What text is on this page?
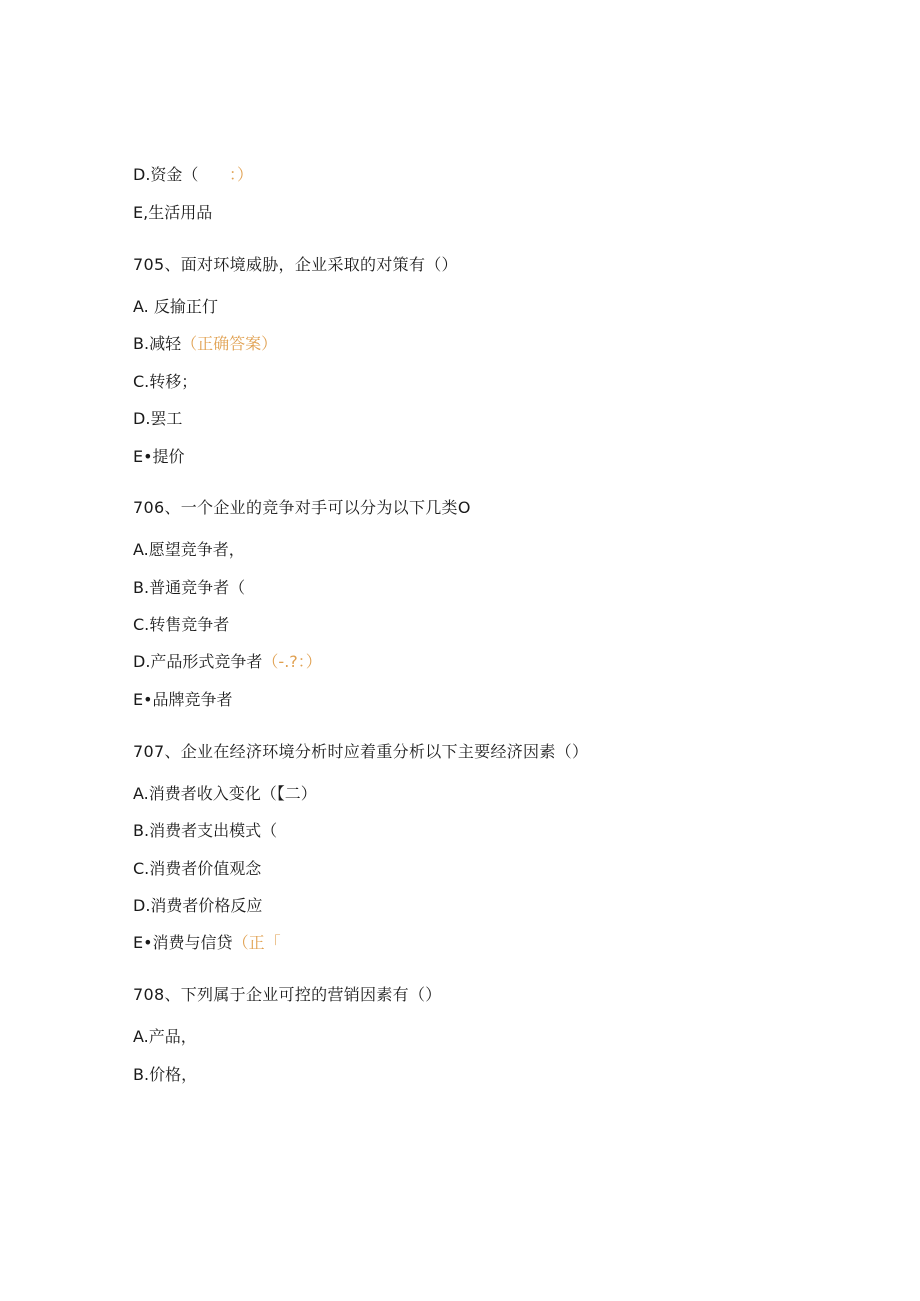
D.资金（      ：）
E,生活用品
705、面对环境威胁，企业采取的对策有（）
A. 反揄正仃
B.减轻（正确答案）
C.转移；
D.罢工
E•提价
706、一个企业的竞争对手可以分为以下几类O
A.愿望竞争者，
B.普通竞争者（
C.转售竞争者
D.产品形式竞争者（-.?：）
E•品牌竞争者
707、企业在经济环境分析时应着重分析以下主要经济因素（）
A.消费者收入变化（【二）
B.消费者支出模式（
C.消费者价值观念
D.消费者价格反应
E•消费与信贷（正「
708、下列属于企业可控的营销因素有（）
A.产品，
B.价格，
